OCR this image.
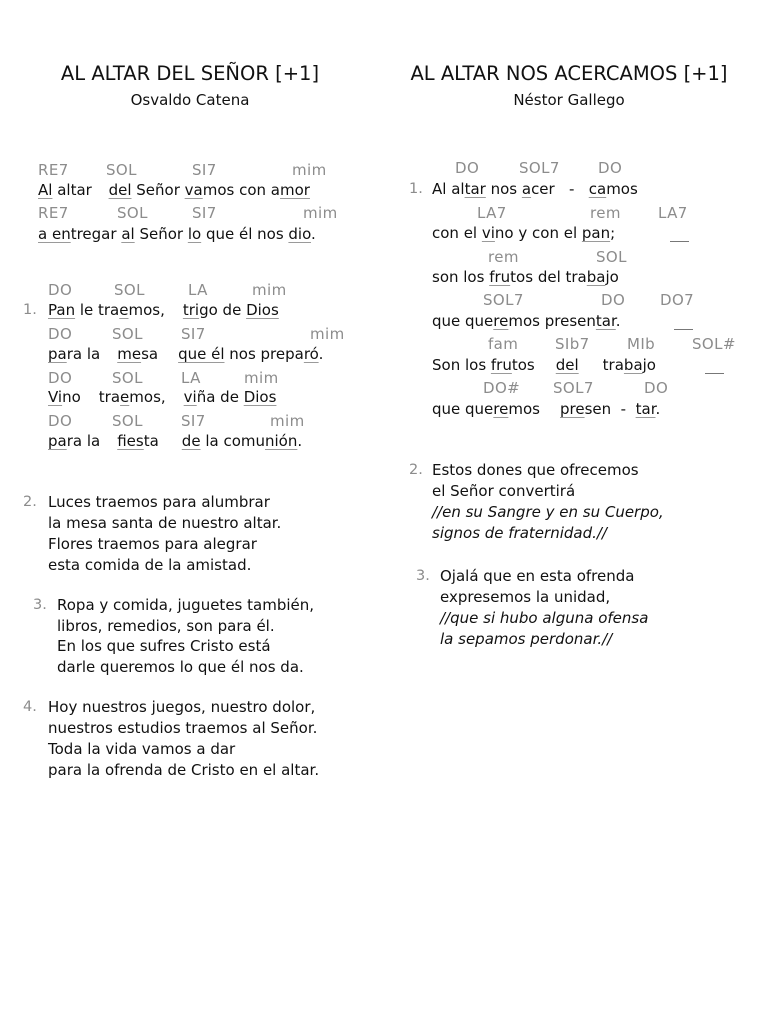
AL ALTAR DEL SEÑOR [+1]
Osvaldo Catena
RE7 SOL	SI7	mim
Al altar del Señor vamos con amor
RE7	SOL	SI7	mim
a entregar al Señor lo que él nos dio.
DO	SOL	LA	mim
1. Pan le traemos, trigo de Dios
DO	SOL	SI7	mim
para la mesa que él nos preparó.
DO	SOL	LA	mim
Vino traemos, viña de Dios
DO	SOL	SI7	mim
para la fiesta de la comunión.
2. Luces traemos para alumbrar
la mesa santa de nuestro altar.
Flores traemos para alegrar
esta comida de la amistad.
3. Ropa y comida, juguetes también,
libros, remedios, son para él.
En los que sufres Cristo está
darle queremos lo que él nos da.
4. Hoy nuestros juegos, nuestro dolor,
nuestros estudios traemos al Señor.
Toda la vida vamos a dar
para la ofrenda de Cristo en el altar.
AL ALTAR NOS ACERCAMOS [+1]
Néstor Gallego
DO	SOL7	DO
1. Al altar nos acer   -   camos
LA7	rem LA7
con el vino y con el pan;
rem	SOL
son los frutos del trabajo
SOL7	DO DO7
que queremos presentar.
fam SIb7 MIb SOL#
Son los frutos del trabajo
DO# SOL7	DO
que queremos presen  -  tar.
2. Estos dones que ofrecemos
el Señor convertirá
//en su Sangre y en su Cuerpo,
signos de fraternidad.//
3. Ojalá que en esta ofrenda
expresemos la unidad,
//que si hubo alguna ofensa
la sepamos perdonar.//
